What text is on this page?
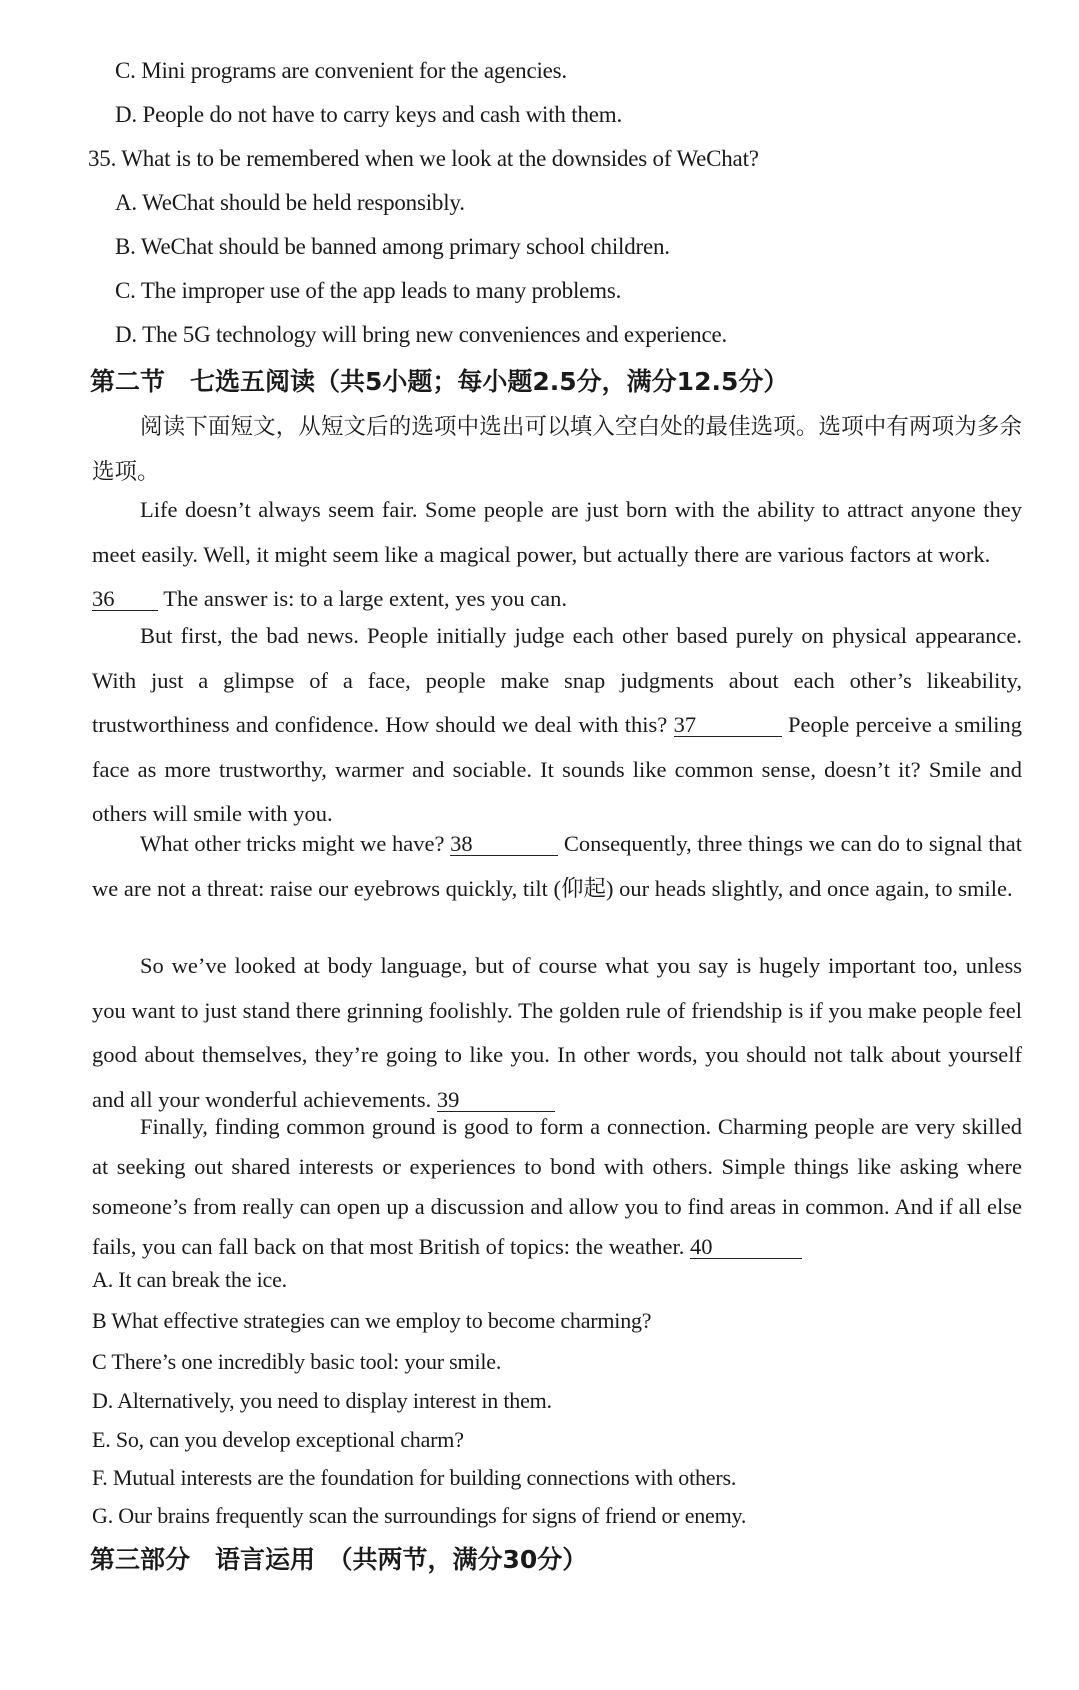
C. Mini programs are convenient for the agencies.
D. People do not have to carry keys and cash with them.
35. What is to be remembered when we look at the downsides of WeChat?
A. WeChat should be held responsibly.
B. WeChat should be banned among primary school children.
C. The improper use of the app leads to many problems.
D. The 5G technology will bring new conveniences and experience.
第二节　七选五阅读（共5小题；每小题2.5分，满分12.5分）
阅读下面短文，从短文后的选项中选出可以填入空白处的最佳选项。选项中有两项为多余选项。
Life doesn’t always seem fair. Some people are just born with the ability to attract anyone they meet easily. Well, it might seem like a magical power, but actually there are various factors at work.
36 The answer is: to a large extent, yes you can.
But first, the bad news. People initially judge each other based purely on physical appearance. With just a glimpse of a face, people make snap judgments about each other’s likeability, trustworthiness and confidence. How should we deal with this? 37	People perceive a smiling face as more trustworthy, warmer and sociable. It sounds like common sense, doesn’t it? Smile and others will smile with you.
What other tricks might we have? 38	Consequently, three things we can do to signal that we are not a threat: raise our eyebrows quickly, tilt (仰起) our heads slightly, and once again, to smile.
So we’ve looked at body language, but of course what you say is hugely important too, unless you want to just stand there grinning foolishly. The golden rule of friendship is if you make people feel good about themselves, they’re going to like you. In other words, you should not talk about yourself and all your wonderful achievements. 39
Finally, finding common ground is good to form a connection. Charming people are very skilled at seeking out shared interests or experiences to bond with others. Simple things like asking where someone’s from really can open up a discussion and allow you to find areas in common. And if all else fails, you can fall back on that most British of topics: the weather. 40
A. It can break the ice.
B What effective strategies can we employ to become charming?
C There’s one incredibly basic tool: your smile.
D. Alternatively, you need to display interest in them.
E. So, can you develop exceptional charm?
F. Mutual interests are the foundation for building connections with others.
G. Our brains frequently scan the surroundings for signs of friend or enemy.
第三部分　语言运用　（共两节，满分30分）
